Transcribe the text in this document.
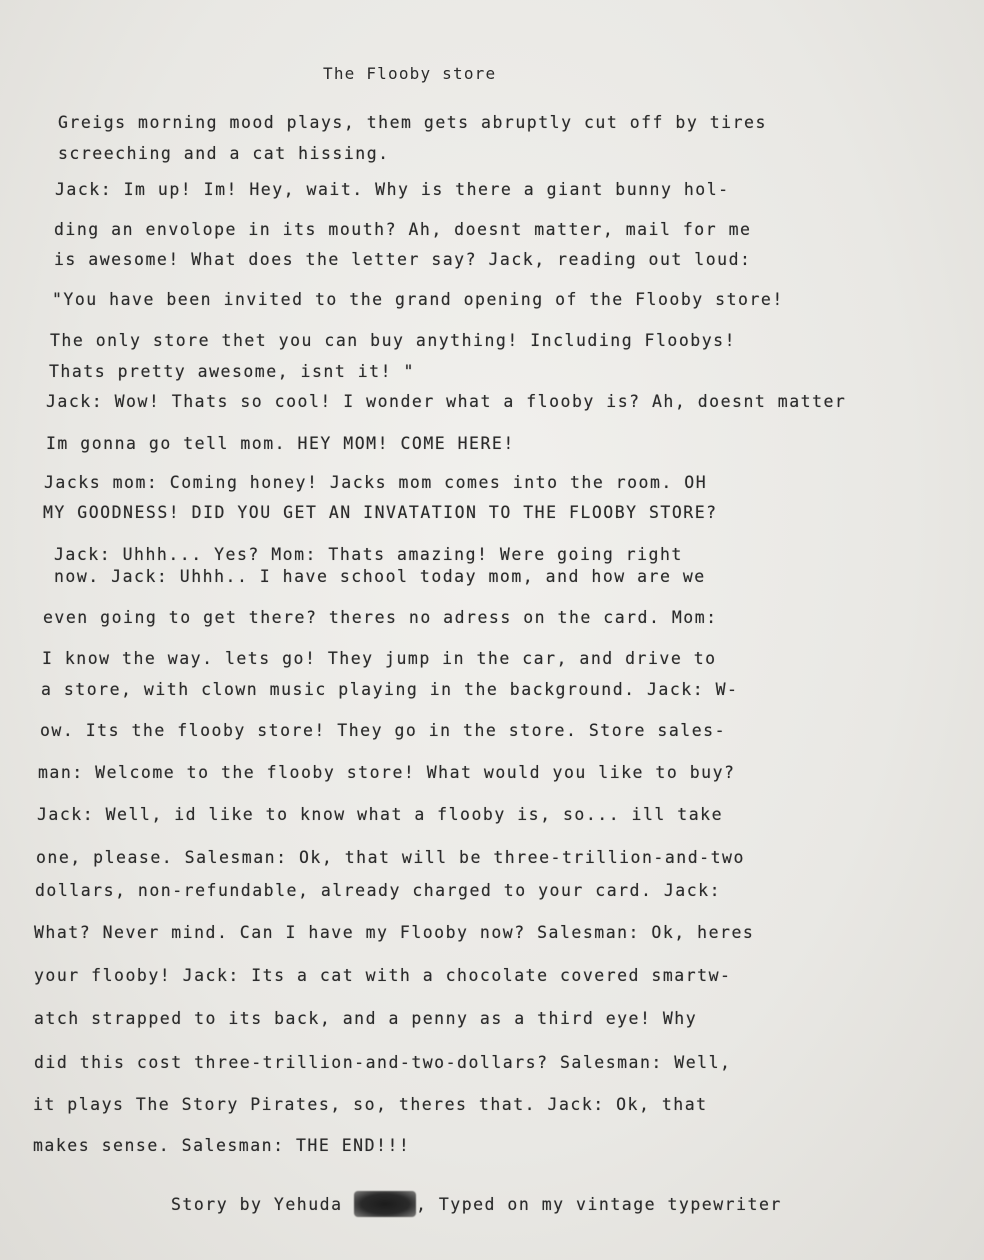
The Flooby store
Greigs morning mood plays, them gets abruptly cut off by tires
screeching and a cat hissing.
Jack: Im up! Im! Hey, wait. Why is there a giant bunny hol-
ding an envolope in its mouth? Ah, doesnt matter, mail for me
is awesome! What does the letter say? Jack, reading out loud:
"You have been invited to the grand opening of the Flooby store!
The only store thet you can buy anything! Including Floobys!
Thats pretty awesome, isnt it! "
Jack: Wow! Thats so cool! I wonder what a flooby is? Ah, doesnt matter
Im gonna go tell mom. HEY MOM! COME HERE!
Jacks mom: Coming honey! Jacks mom comes into the room. OH
MY GOODNESS! DID YOU GET AN INVATATION TO THE FLOOBY STORE?
Jack: Uhhh... Yes? Mom: Thats amazing! Were going right
now. Jack: Uhhh.. I have school today mom, and how are we
even going to get there? theres no adress on the card. Mom:
I know the way. lets go! They jump in the car, and drive to
a store, with clown music playing in the background. Jack: W-
ow. Its the flooby store! They go in the store. Store sales-
man: Welcome to the flooby store! What would you like to buy?
Jack: Well, id like to know what a flooby is, so... ill take
one, please. Salesman: Ok, that will be three-trillion-and-two
dollars, non-refundable, already charged to your card. Jack:
What? Never mind. Can I have my Flooby now? Salesman: Ok, heres
your flooby! Jack: Its a cat with a chocolate covered smartw-
atch strapped to its back, and a penny as a third eye! Why
did this cost three-trillion-and-two-dollars? Salesman: Well,
it plays The Story Pirates, so, theres that. Jack: Ok, that
makes sense. Salesman: THE END!!!
Story by Yehuda	, Typed on my vintage typewriter
